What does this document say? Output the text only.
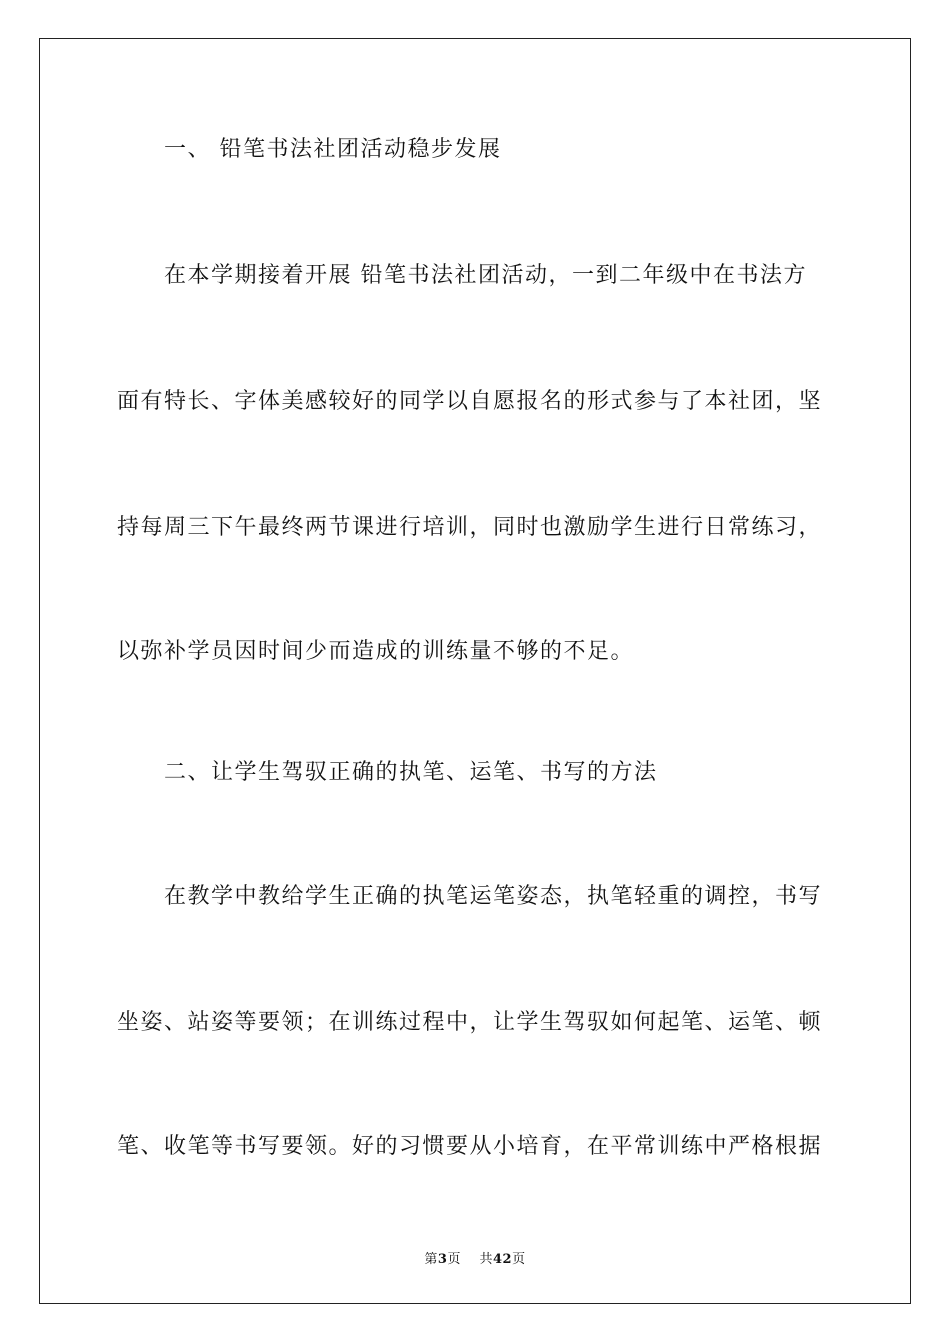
一、 铅笔书法社团活动稳步发展
在本学期接着开展 铅笔书法社团活动，一到二年级中在书法方
面有特长、字体美感较好的同学以自愿报名的形式参与了本社团，坚
持每周三下午最终两节课进行培训，同时也激励学生进行日常练习，
以弥补学员因时间少而造成的训练量不够的不足。
二、让学生驾驭正确的执笔、运笔、书写的方法
在教学中教给学生正确的执笔运笔姿态，执笔轻重的调控，书写
坐姿、站姿等要领；在训练过程中，让学生驾驭如何起笔、运笔、顿
笔、收笔等书写要领。好的习惯要从小培育，在平常训练中严格根据
第3页 共42页
